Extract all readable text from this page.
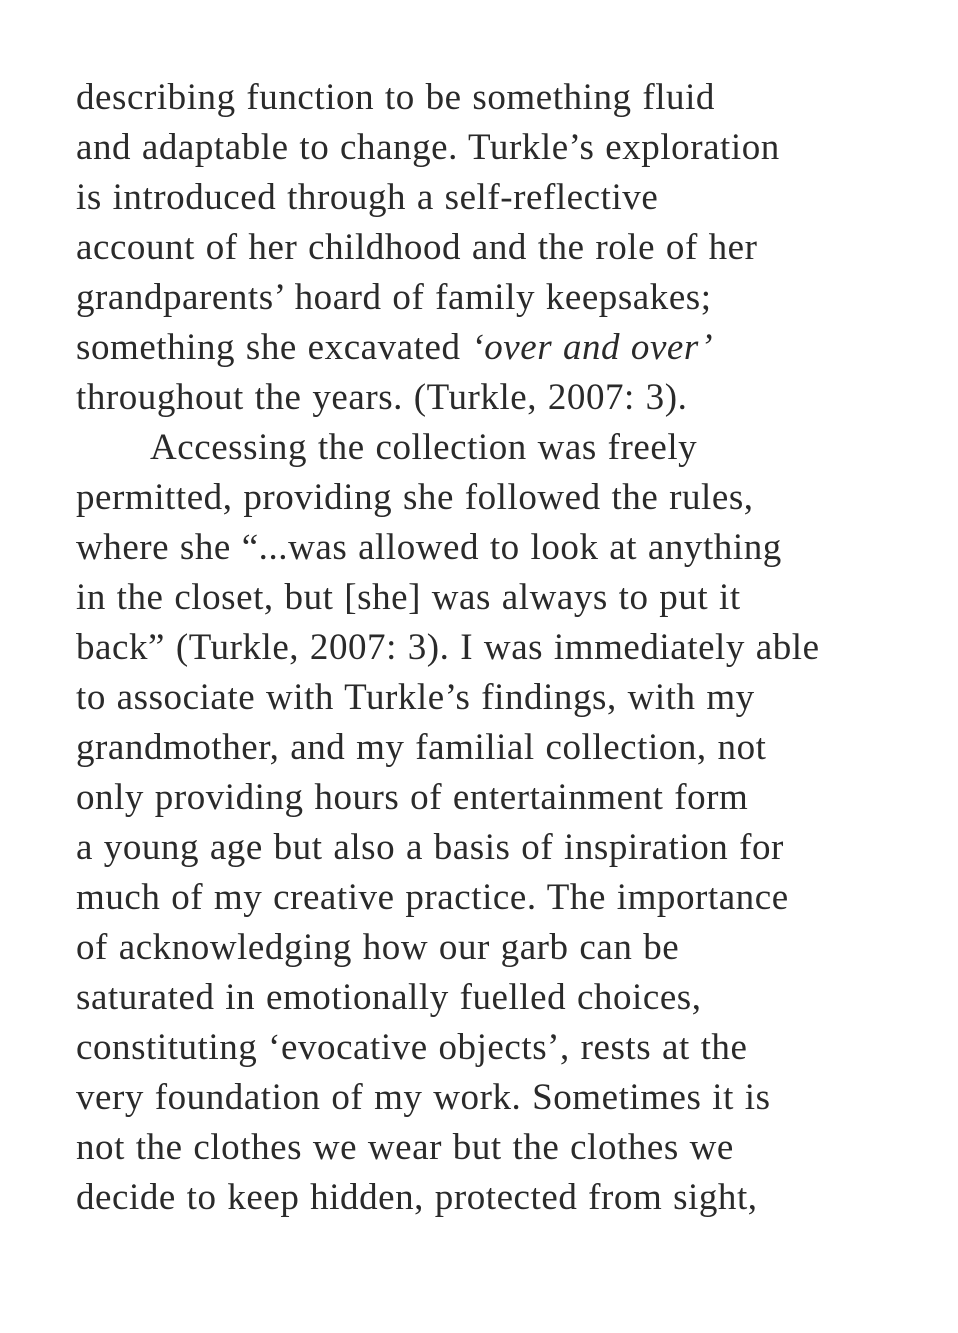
describing function to be something fluid
and adaptable to change. Turkle’s exploration
is introduced through a self-reflective
account of her childhood and the role of her
grandparents’ hoard of family keepsakes;
something she excavated ‘over and over’
throughout the years. (Turkle, 2007: 3).
Accessing the collection was freely
permitted, providing she followed the rules,
where she “...was allowed to look at anything
in the closet, but [she] was always to put it
back” (Turkle, 2007: 3). I was immediately able
to associate with Turkle’s findings, with my
grandmother, and my familial collection, not
only providing hours of entertainment form
a young age but also a basis of inspiration for
much of my creative practice. The importance
of acknowledging how our garb can be
saturated in emotionally fuelled choices,
constituting ‘evocative objects’, rests at the
very foundation of my work. Sometimes it is
not the clothes we wear but the clothes we
decide to keep hidden, protected from sight,
